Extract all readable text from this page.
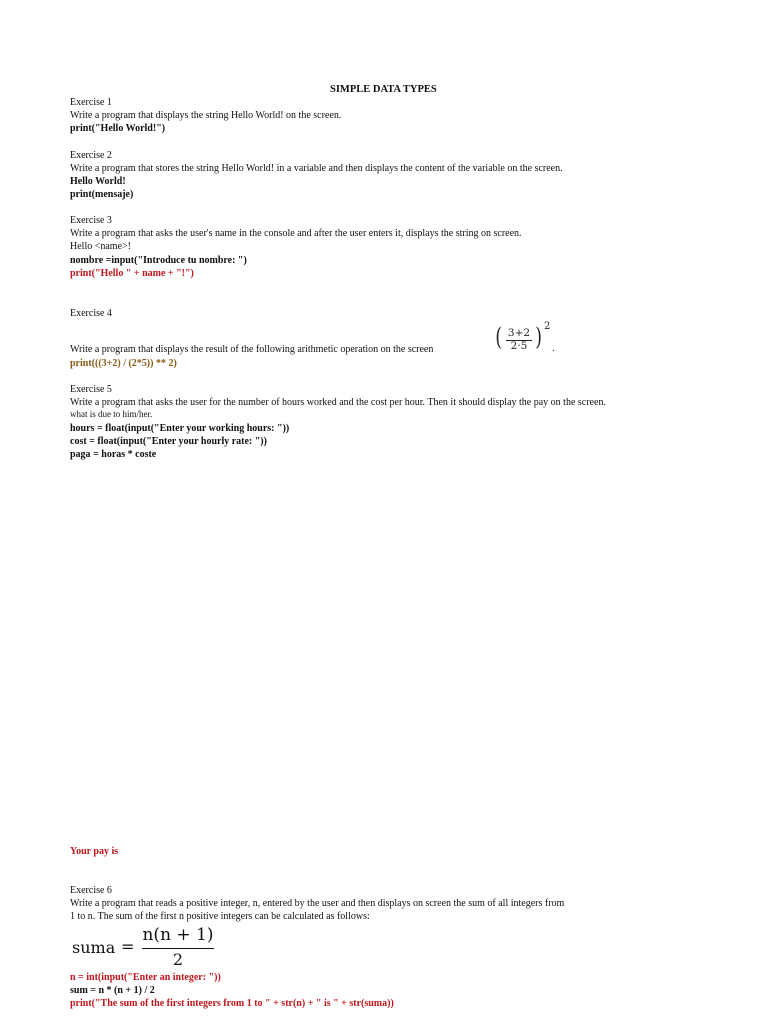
SIMPLE DATA TYPES
Exercise 1
Write a program that displays the string Hello World! on the screen.
print("Hello World!")
Exercise 2
Write a program that stores the string Hello World! in a variable and then displays the content of the variable on the screen.
Hello World!
print(mensaje)
Exercise 3
Write a program that asks the user's name in the console and after the user enters it, displays the string on screen.
Hello <name>!
nombre =input("Introduce tu nombre: ")
print("Hello " + name + "!")
Exercise 4
Write a program that displays the result of the following arithmetic operation on the screen	( 3+2
2·5 ) 2
.
print(((3+2) / (2*5)) ** 2)
Exercise 5
Write a program that asks the user for the number of hours worked and the cost per hour. Then it should display the pay on the screen.
what is due to him/her.
hours = float(input("Enter your working hours: "))
cost = float(input("Enter your hourly rate: "))
paga = horas * coste
Your pay is
Exercise 6
Write a program that reads a positive integer, n, entered by the user and then displays on screen the sum of all integers from
1 to n. The sum of the first n positive integers can be calculated as follows:
suma =
n(n + 1)
2
n = int(input("Enter an integer: "))
sum = n * (n + 1) / 2
print("The sum of the first integers from 1 to " + str(n) + " is " + str(suma))
